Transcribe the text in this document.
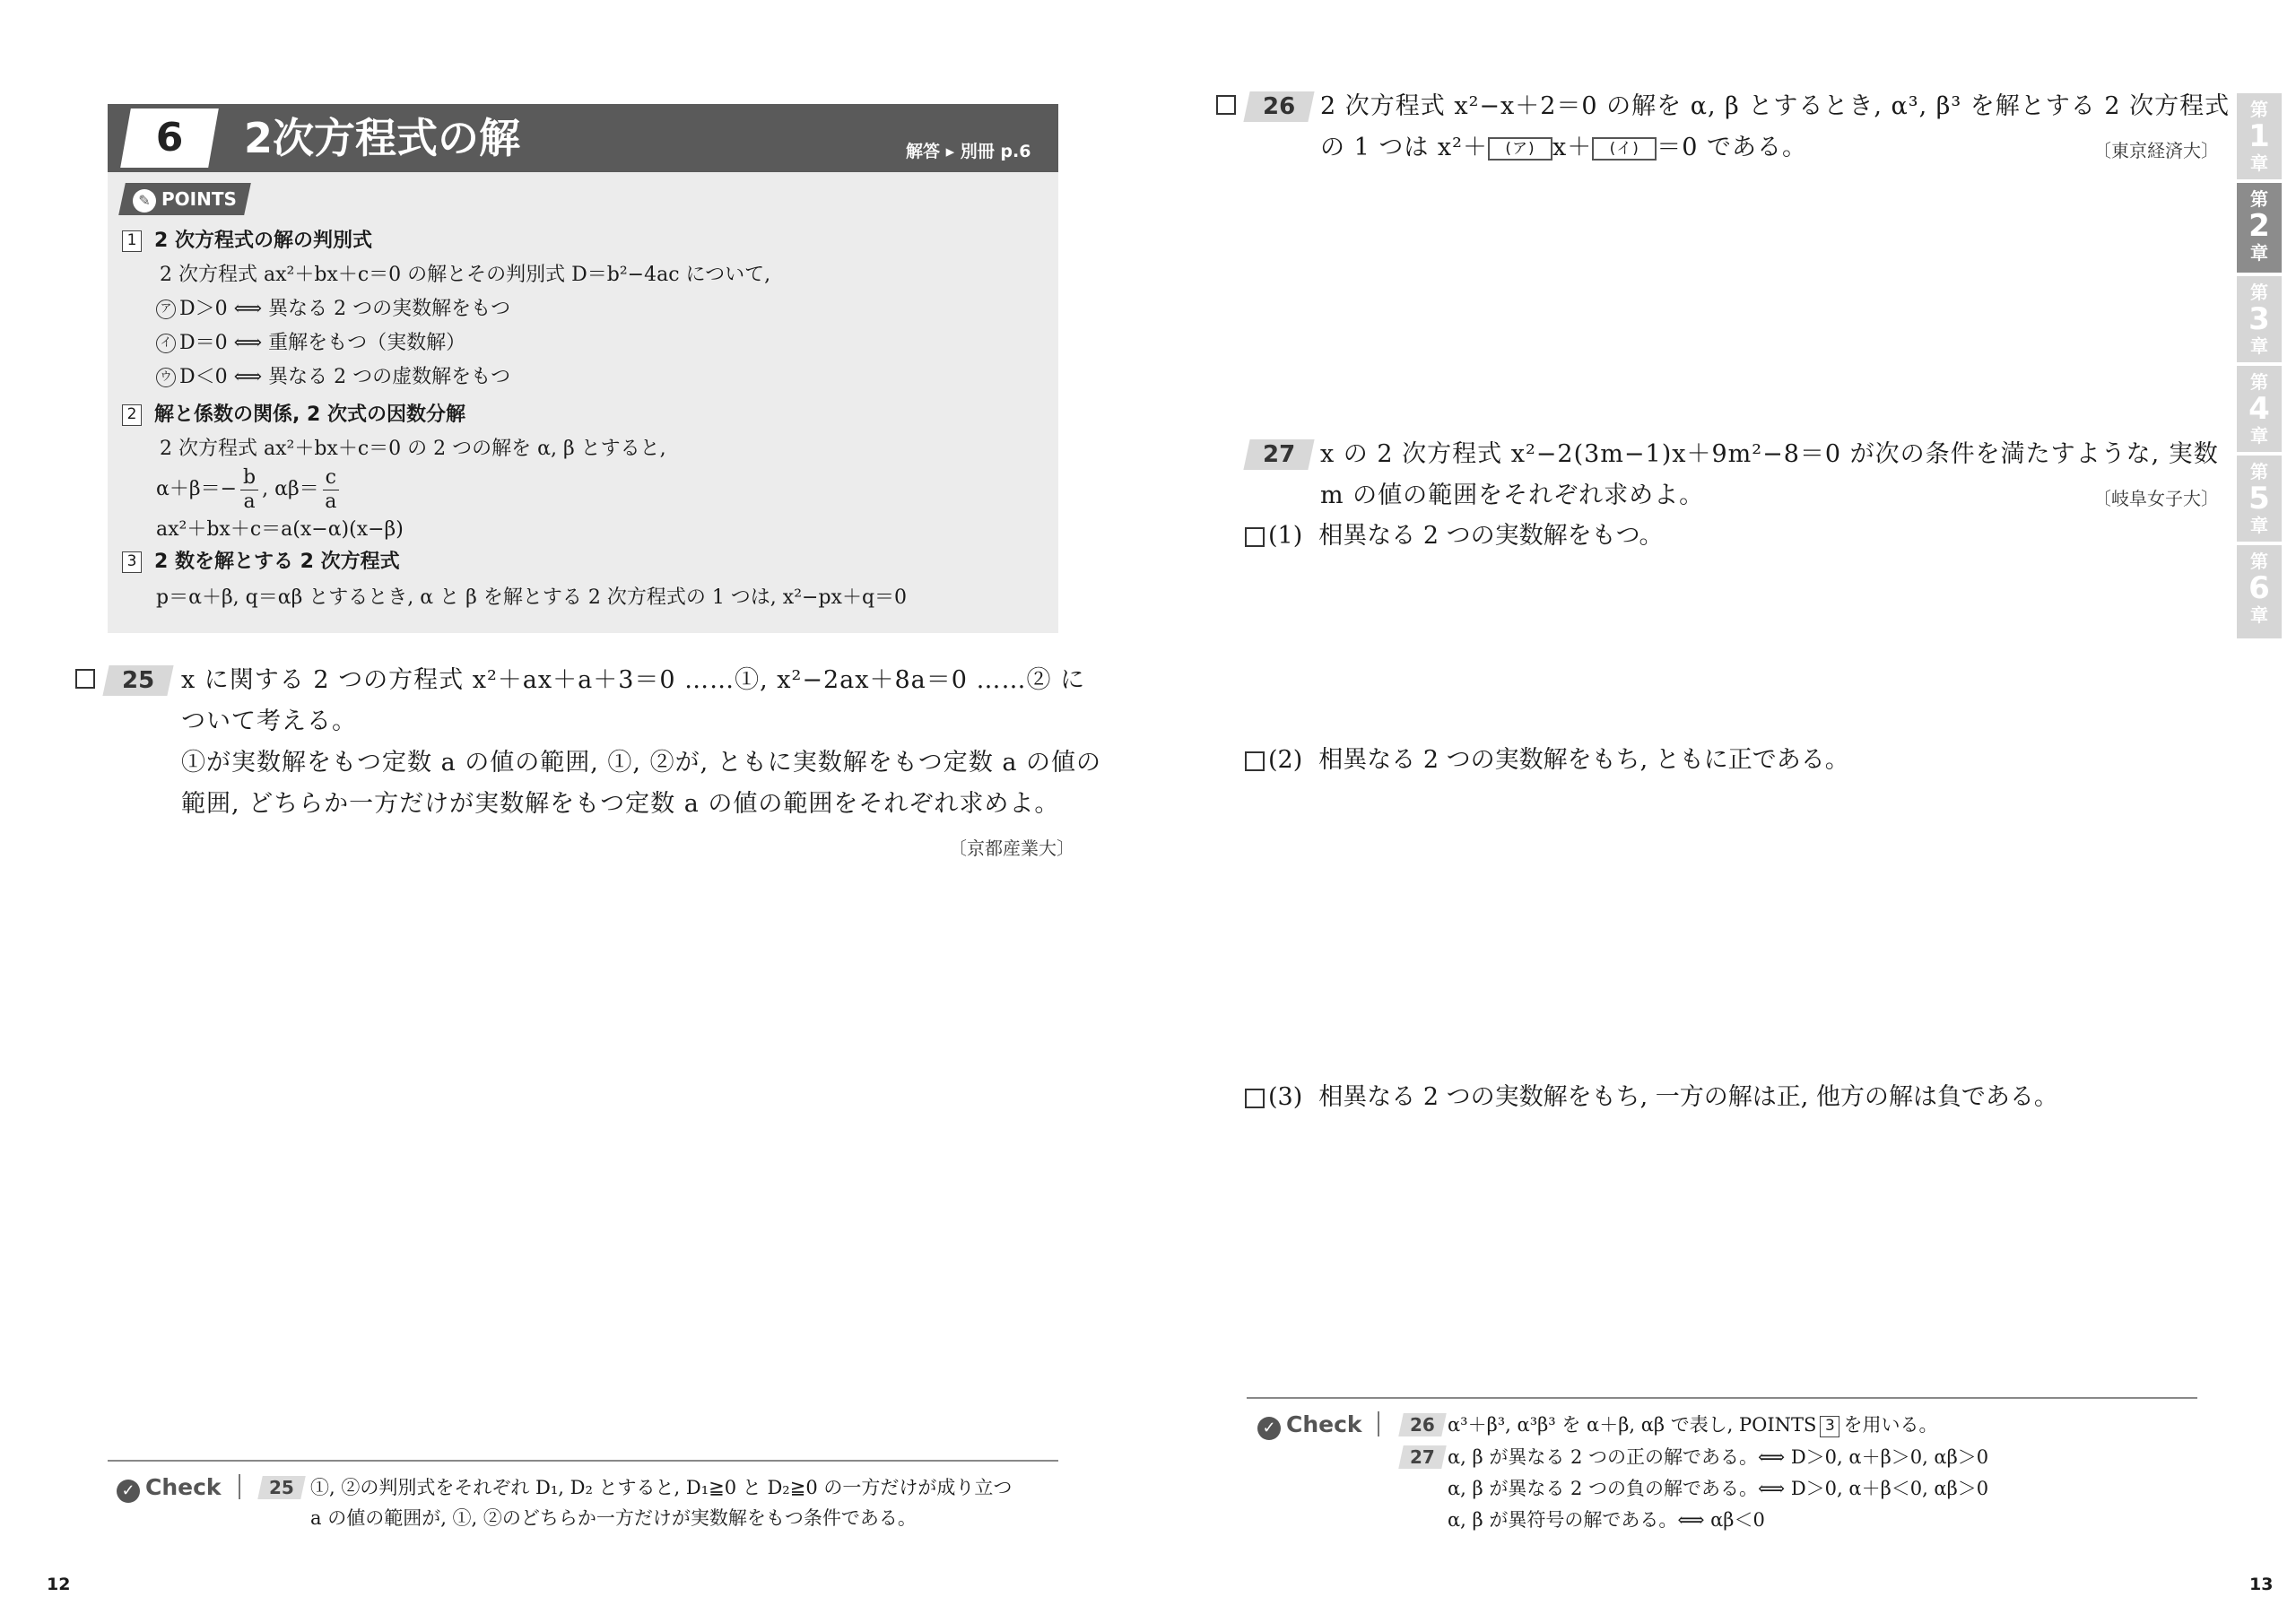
6	2次方程式の解	解答 ▸ 別冊 p.6
✎ POINTS
1 2 次方程式の解の判別式
2 次方程式 ax²＋bx＋c＝0 の解とその判別式 D＝b²−4ac について,
ア D＞0 ⟺ 異なる 2 つの実数解をもつ
イ D＝0 ⟺ 重解をもつ（実数解）
ウ D＜0 ⟺ 異なる 2 つの虚数解をもつ
2 解と係数の関係, 2 次式の因数分解
2 次方程式 ax²＋bx＋c＝0 の 2 つの解を α, β とすると,
$\alpha+\beta=- \frac{b}{a}$ , $\alpha\beta= \frac{c}{a}$
ax²＋bx＋c＝a(x−α)(x−β)
3 2 数を解とする 2 次方程式
p＝α＋β, q＝αβ とするとき, α と β を解とする 2 次方程式の 1 つは, x²−px＋q＝0
25	x に関する 2 つの方程式 x²＋ax＋a＋3＝0 ……①, x²−2ax＋8a＝0 ……② に
ついて考える。
①が実数解をもつ定数 a の値の範囲, ①, ②が, ともに実数解をもつ定数 a の値の
範囲, どちらか一方だけが実数解をもつ定数 a の値の範囲をそれぞれ求めよ。
〔京都産業大〕
✓ Check	25 ①, ②の判別式をそれぞれ D₁, D₂ とすると, D₁≧0 と D₂≧0 の一方だけが成り立つ
a の値の範囲が, ①, ②のどちらか一方だけが実数解をもつ条件である。
12
26	2 次方程式 x²−x＋2＝0 の解を α, β とするとき, α³, β³ を解とする 2 次方程式
の 1 つは x²＋ (ア) x＋ (イ) ＝0 である。	〔東京経済大〕
27	x の 2 次方程式 x²−2(3m−1)x＋9m²−8＝0 が次の条件を満たすような, 実数
m の値の範囲をそれぞれ求めよ。	〔岐阜女子大〕
(1) 相異なる 2 つの実数解をもつ。
(2) 相異なる 2 つの実数解をもち, ともに正である。
(3) 相異なる 2 つの実数解をもち, 一方の解は正, 他方の解は負である。
✓ Check	26 α³＋β³, α³β³ を α＋β, αβ で表し, POINTS 3 を用いる。
27 α, β が異なる 2 つの正の解である。⟺ D＞0, α＋β＞0, αβ＞0
α, β が異なる 2 つの負の解である。⟺ D＞0, α＋β＜0, αβ＞0
α, β が異符号の解である。⟺ αβ＜0
13
第
1
章
第
2
章
第
3
章
第
4
章
第
5
章
第
6
章
